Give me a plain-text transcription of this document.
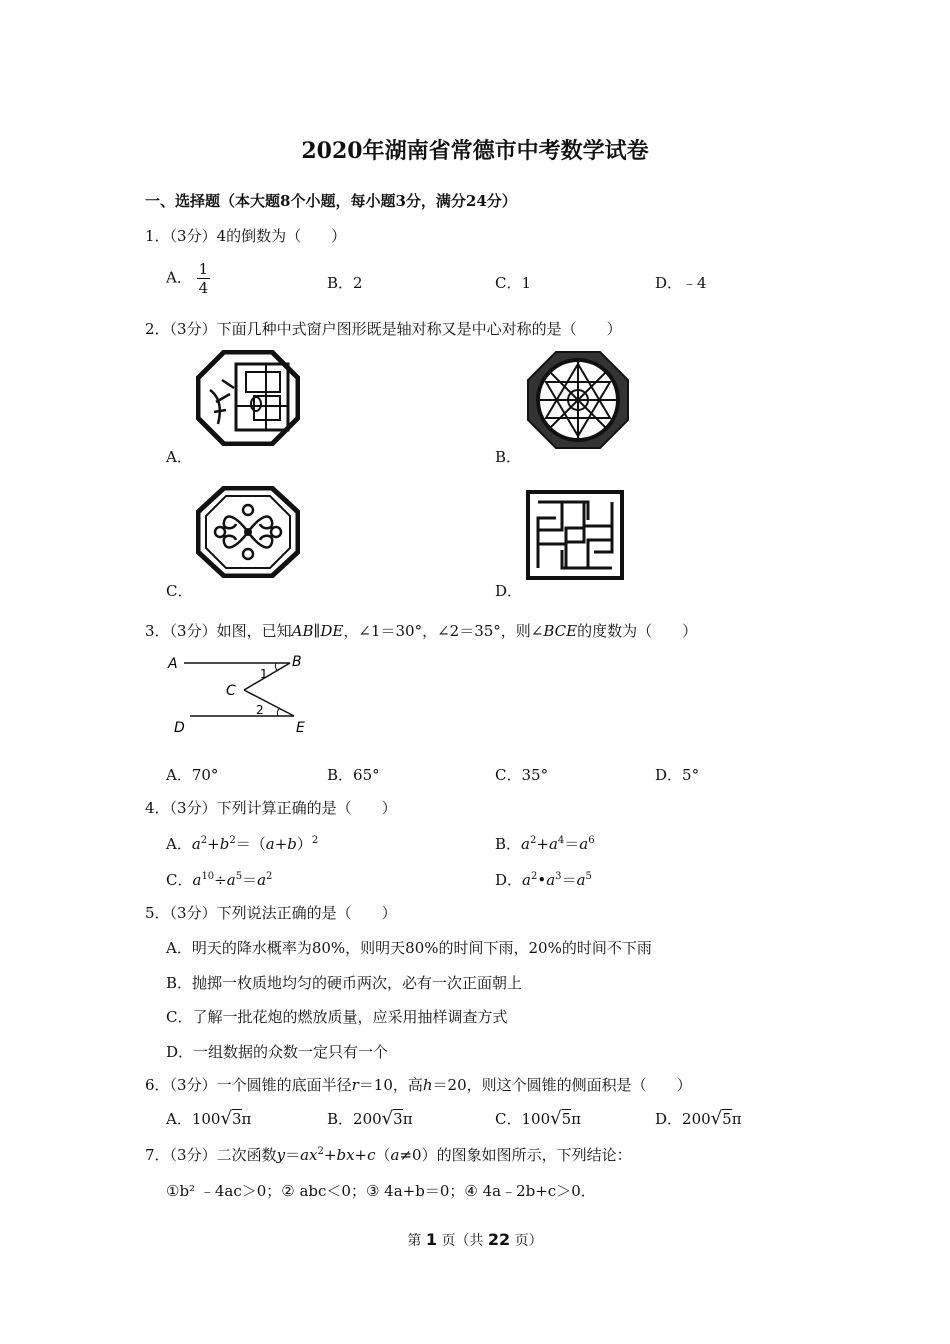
2020年湖南省常德市中考数学试卷
一、选择题（本大题8个小题，每小题3分，满分24分）
1．（3分）4的倒数为（　　）
A． $\frac{1}{4}$	B．2	C．1	D．﹣4
2．（3分）下面几种中式窗户图形既是轴对称又是中心对称的是（　　）
A．	B．
C．	D．
3．（3分）如图，已知AB∥DE，∠1＝30°，∠2＝35°，则∠BCE的度数为（　　）
A	B
C
D	E
1
2
A．70°	B．65°	C．35°	D．5°
4．（3分）下列计算正确的是（　　）
A．$a^2+b^2=(a+b)^2$	B．$a^2+a^4=a^6$
C．$a^{10}\div a^5=a^2$	D．$a^2•a^3=a^5$
5．（3分）下列说法正确的是（　　）
A．明天的降水概率为80%，则明天80%的时间下雨，20%的时间不下雨
B．抛掷一枚质地均匀的硬币两次，必有一次正面朝上
C．了解一批花炮的燃放质量，应采用抽样调查方式
D．一组数据的众数一定只有一个
6．（3分）一个圆锥的底面半径r＝10，高h＝20，则这个圆锥的侧面积是（　　）
A．100√3π	B．200√3π	C．100√5π	D．200√5π
7．（3分）二次函数$y=ax^2+bx+c(a\ne 0)$的图象如图所示，下列结论：
①b² ﹣4ac＞0；② abc＜0；③ 4a+b＝0；④ 4a﹣2b+c＞0．
第 1 页（共 22 页）
